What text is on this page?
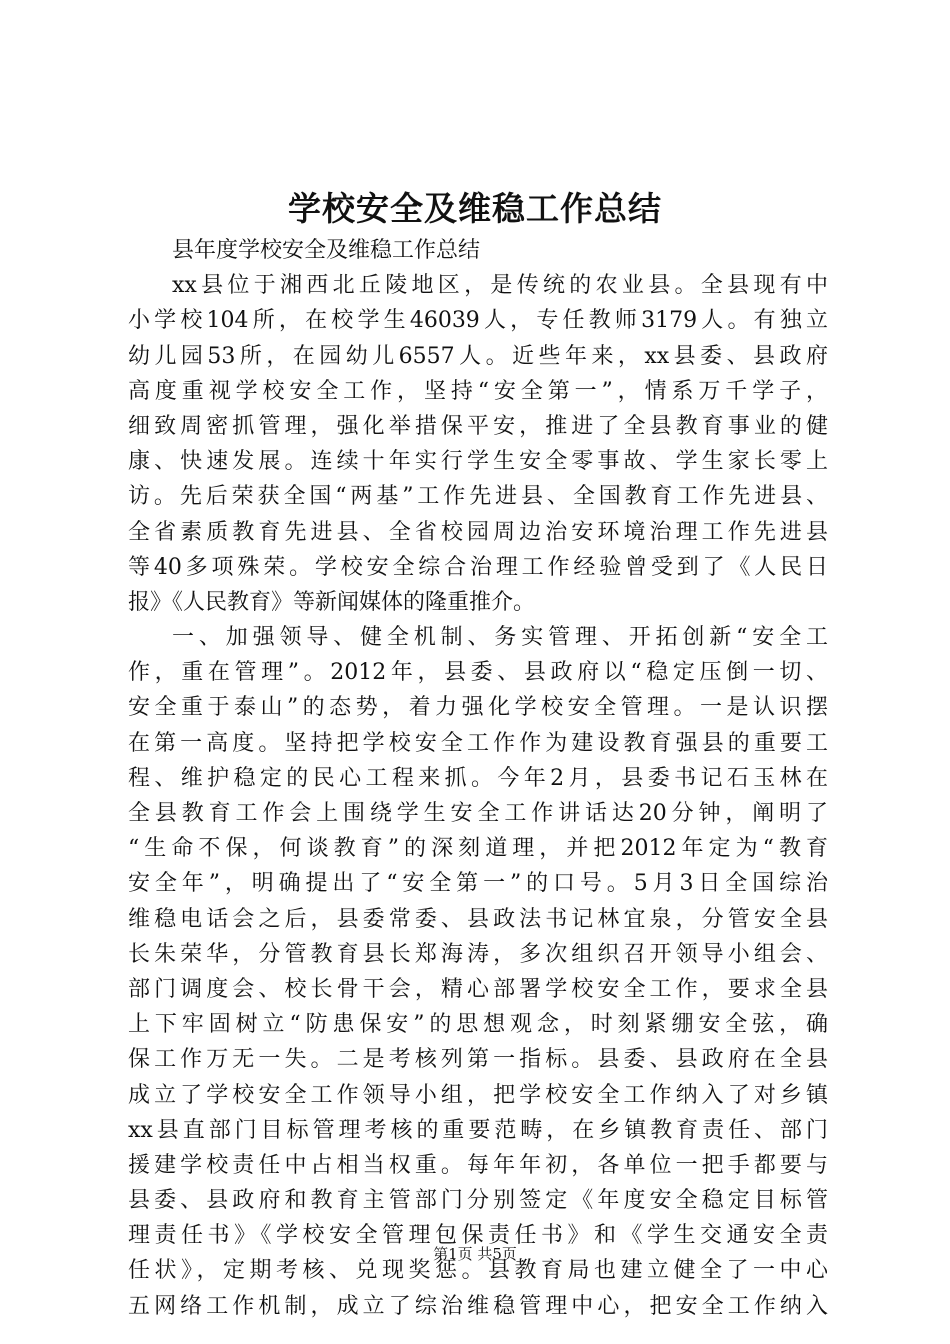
学校安全及维稳工作总结
县年度学校安全及维稳工作总结
xx县位于湘西北丘陵地区，是传统的农业县。全县现有中
小学校104所，在校学生46039人，专任教师3179人。有独立
幼儿园53所，在园幼儿6557人。近些年来，xx县委、县政府
高度重视学校安全工作，坚持“安全第一”，情系万千学子，
细致周密抓管理，强化举措保平安，推进了全县教育事业的健
康、快速发展。连续十年实行学生安全零事故、学生家长零上
访。先后荣获全国“两基”工作先进县、全国教育工作先进县、
全省素质教育先进县、全省校园周边治安环境治理工作先进县
等40多项殊荣。学校安全综合治理工作经验曾受到了《人民日
报》《人民教育》等新闻媒体的隆重推介。
一、加强领导、健全机制、务实管理、开拓创新“安全工
作，重在管理”。2012年，县委、县政府以“稳定压倒一切、
安全重于泰山”的态势，着力强化学校安全管理。一是认识摆
在第一高度。坚持把学校安全工作作为建设教育强县的重要工
程、维护稳定的民心工程来抓。今年2月，县委书记石玉林在
全县教育工作会上围绕学生安全工作讲话达20分钟，阐明了
“生命不保，何谈教育”的深刻道理，并把2012年定为“教育
安全年”，明确提出了“安全第一”的口号。5月3日全国综治
维稳电话会之后，县委常委、县政法书记林宜泉，分管安全县
长朱荣华，分管教育县长郑海涛，多次组织召开领导小组会、
部门调度会、校长骨干会，精心部署学校安全工作，要求全县
上下牢固树立“防患保安”的思想观念，时刻紧绷安全弦，确
保工作万无一失。二是考核列第一指标。县委、县政府在全县
成立了学校安全工作领导小组，把学校安全工作纳入了对乡镇
xx县直部门目标管理考核的重要范畴，在乡镇教育责任、部门
援建学校责任中占相当权重。每年年初，各单位一把手都要与
县委、县政府和教育主管部门分别签定《年度安全稳定目标管
理责任书》《学校安全管理包保责任书》和《学生交通安全责
任状》，定期考核、兑现奖惩。县教育局也建立健全了一中心
五网络工作机制，成立了综治维稳管理中心，把安全工作纳入
第1页 共5页
